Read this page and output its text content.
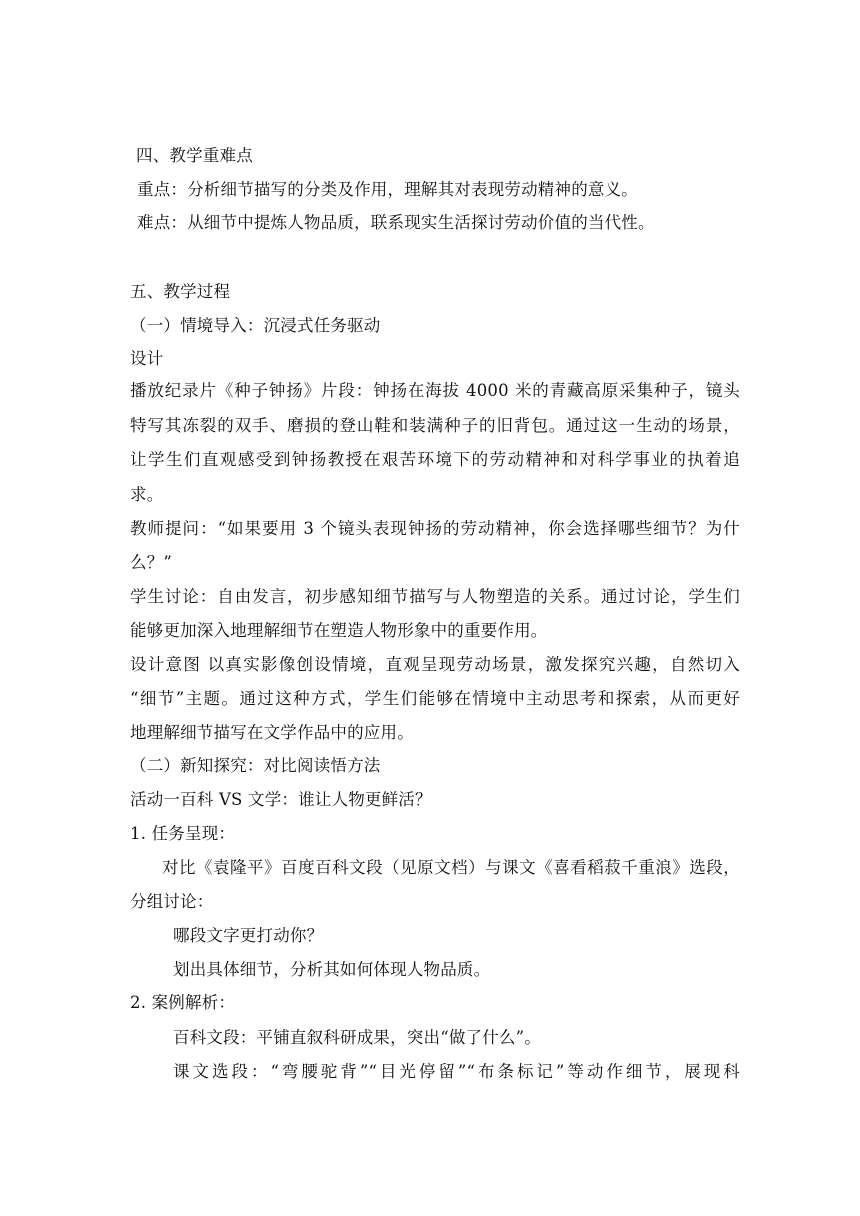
四、教学重难点
重点：分析细节描写的分类及作用，理解其对表现劳动精神的意义。
难点：从细节中提炼人物品质，联系现实生活探讨劳动价值的当代性。
五、教学过程
（一）情境导入：沉浸式任务驱动
设计
播放纪录片《种子钟扬》片段：钟扬在海拔 4000 米的青藏高原采集种子，镜头
特写其冻裂的双手、磨损的登山鞋和装满种子的旧背包。通过这一生动的场景，
让学生们直观感受到钟扬教授在艰苦环境下的劳动精神和对科学事业的执着追
求。
教师提问：“如果要用 3 个镜头表现钟扬的劳动精神，你会选择哪些细节？为什
么？”
学生讨论：自由发言，初步感知细节描写与人物塑造的关系。通过讨论，学生们
能够更加深入地理解细节在塑造人物形象中的重要作用。
设计意图 以真实影像创设情境，直观呈现劳动场景，激发探究兴趣，自然切入
“细节”主题。通过这种方式，学生们能够在情境中主动思考和探索，从而更好
地理解细节描写在文学作品中的应用。
（二）新知探究：对比阅读悟方法
活动一百科 VS 文学：谁让人物更鲜活？
1. 任务呈现：
对比《袁隆平》百度百科文段（见原文档）与课文《喜看稻菽千重浪》选段，
分组讨论：
哪段文字更打动你？
划出具体细节，分析其如何体现人物品质。
2. 案例解析：
百科文段：平铺直叙科研成果，突出“做了什么”。
课文选段：“弯腰驼背”“目光停留”“布条标记”等动作细节，展现科
